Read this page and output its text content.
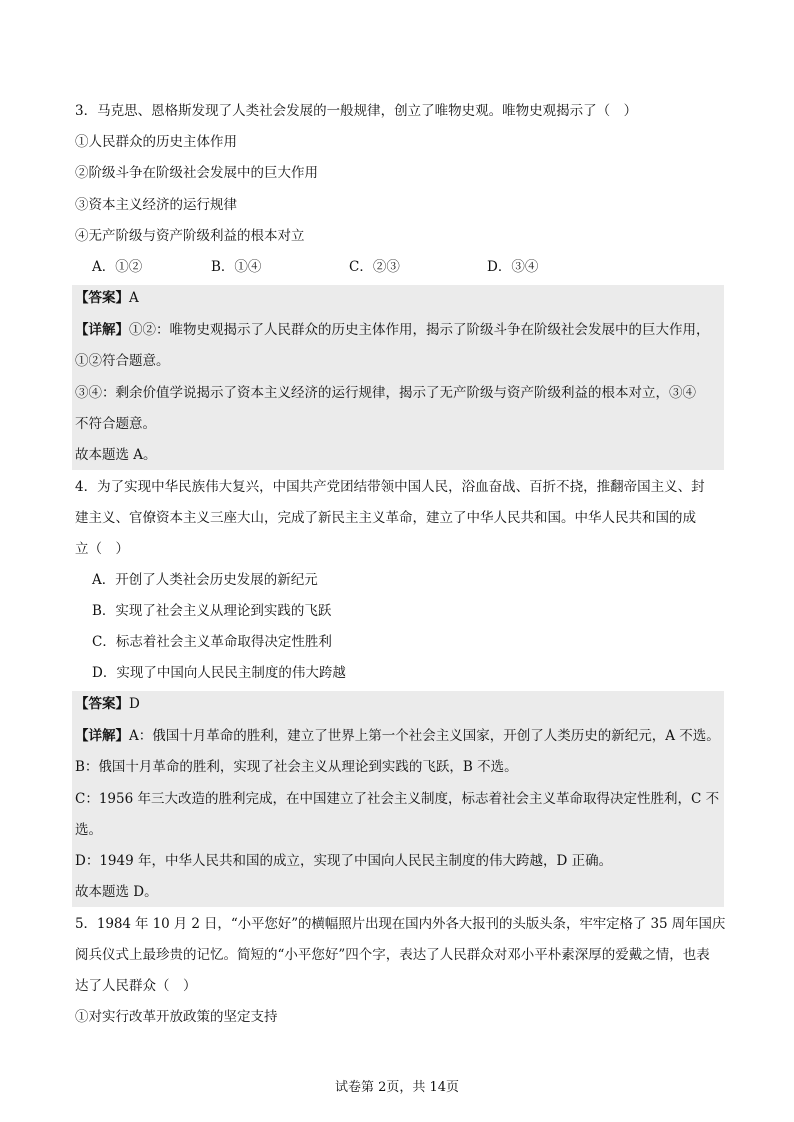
3．马克思、恩格斯发现了人类社会发展的一般规律，创立了唯物史观。唯物史观揭示了（　）
①人民群众的历史主体作用
②阶级斗争在阶级社会发展中的巨大作用
③资本主义经济的运行规律
④无产阶级与资产阶级利益的根本对立
A．①②	B．①④	C．②③	D．③④
【答案】A
【详解】①②：唯物史观揭示了人民群众的历史主体作用，揭示了阶级斗争在阶级社会发展中的巨大作用，
①②符合题意。
③④：剩余价值学说揭示了资本主义经济的运行规律，揭示了无产阶级与资产阶级利益的根本对立，③④
不符合题意。
故本题选 A。
4．为了实现中华民族伟大复兴，中国共产党团结带领中国人民，浴血奋战、百折不挠，推翻帝国主义、封
建主义、官僚资本主义三座大山，完成了新民主主义革命，建立了中华人民共和国。中华人民共和国的成
立（　）
A．开创了人类社会历史发展的新纪元
B．实现了社会主义从理论到实践的飞跃
C．标志着社会主义革命取得决定性胜利
D．实现了中国向人民民主制度的伟大跨越
【答案】D
【详解】A：俄国十月革命的胜利，建立了世界上第一个社会主义国家，开创了人类历史的新纪元，A 不选。
B：俄国十月革命的胜利，实现了社会主义从理论到实践的飞跃，B 不选。
C：1956 年三大改造的胜利完成，在中国建立了社会主义制度，标志着社会主义革命取得决定性胜利，C 不
选。
D：1949 年，中华人民共和国的成立，实现了中国向人民民主制度的伟大跨越，D 正确。
故本题选 D。
5．1984 年 10 月 2 日，“小平您好”的横幅照片出现在国内外各大报刊的头版头条，牢牢定格了 35 周年国庆
阅兵仪式上最珍贵的记忆。简短的“小平您好”四个字，表达了人民群众对邓小平朴素深厚的爱戴之情，也表
达了人民群众（　）
①对实行改革开放政策的坚定支持
试卷第 2页，共 14页
